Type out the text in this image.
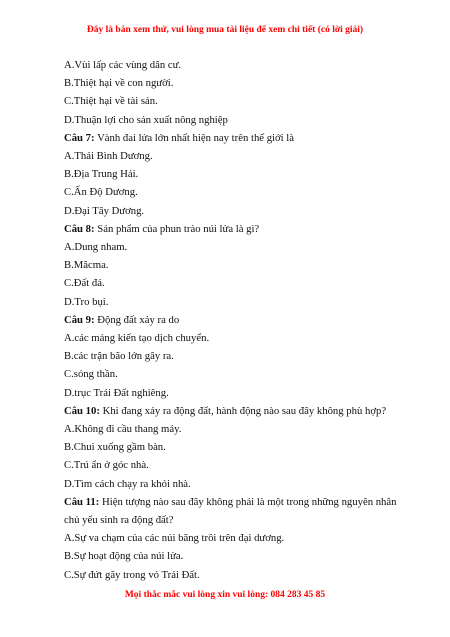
Đây là bản xem thử, vui lòng mua tài liệu để xem chi tiết (có lời giải)
A.Vùi lấp các vùng dân cư.
B.Thiệt hại về con người.
C.Thiệt hại về tài sản.
D.Thuận lợi cho sản xuất nông nghiệp
Câu 7: Vành đai lửa lớn nhất hiện nay trên thế giới là
A.Thái Bình Dương.
B.Địa Trung Hải.
C.Ấn Độ Dương.
D.Đại Tây Dương.
Câu 8: Sản phẩm của phun trào núi lửa là gì?
A.Dung nham.
B.Măcma.
C.Đất đá.
D.Tro bụi.
Câu 9: Động đất xảy ra do
A.các mảng kiến tạo dịch chuyển.
B.các trận bão lớn gây ra.
C.sóng thần.
D.trục Trái Đất nghiêng.
Câu 10: Khi đang xảy ra động đất, hành động nào sau đây không phù hợp?
A.Không đi cầu thang máy.
B.Chui xuống gầm bàn.
C.Trú ẩn ở góc nhà.
D.Tìm cách chạy ra khỏi nhà.
Câu 11: Hiện tượng nào sau đây không phải là một trong những nguyên nhân chủ yếu sinh ra động đất?
A.Sự va chạm của các núi băng trôi trên đại dương.
B.Sự hoạt động của núi lửa.
C.Sự đứt gãy trong vỏ Trái Đất.
Mọi thắc mắc vui lòng xin vui lòng: 084 283 45 85
